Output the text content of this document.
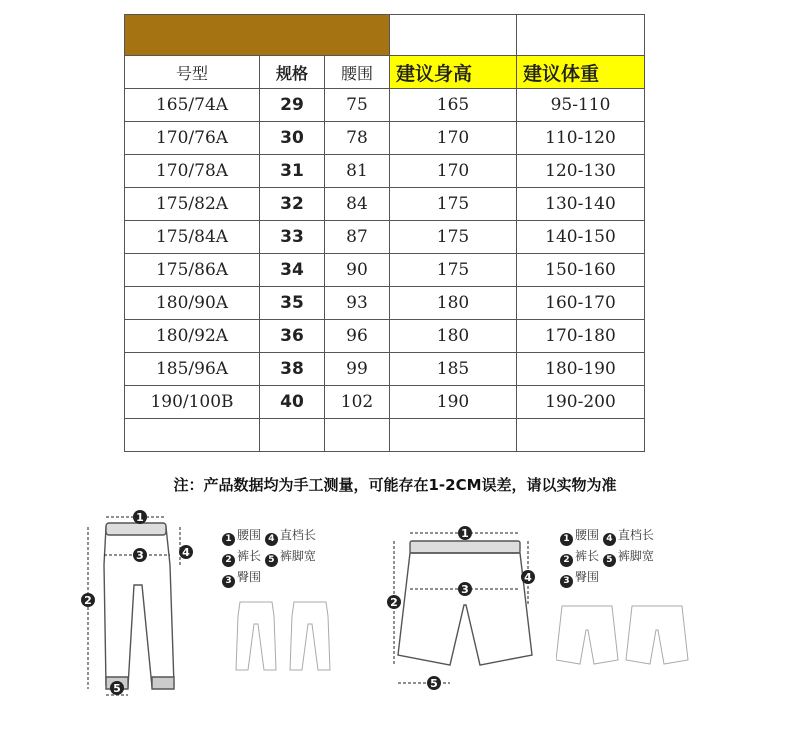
号型	规格	腰围	建议身高	建议体重
165/74A	29	75	165	95-110
170/76A	30	78	170	110-120
170/78A	31	81	170	120-130
175/82A	32	84	175	130-140
175/84A	33	87	175	140-150
175/86A	34	90	175	150-160
180/90A	35	93	180	160-170
180/92A	36	96	180	170-180
185/96A	38	99	185	180-190
190/100B	40	102	190	190-200

注：产品数据均为手工测量，可能存在1-2CM误差，请以实物为准
1
3
2
4
5
1 腰围 4 直档长
2 裤长 5 裤脚宽
3 臀围
1
3
2
4
5
1 腰围 4 直档长
2 裤长 5 裤脚宽
3 臀围
